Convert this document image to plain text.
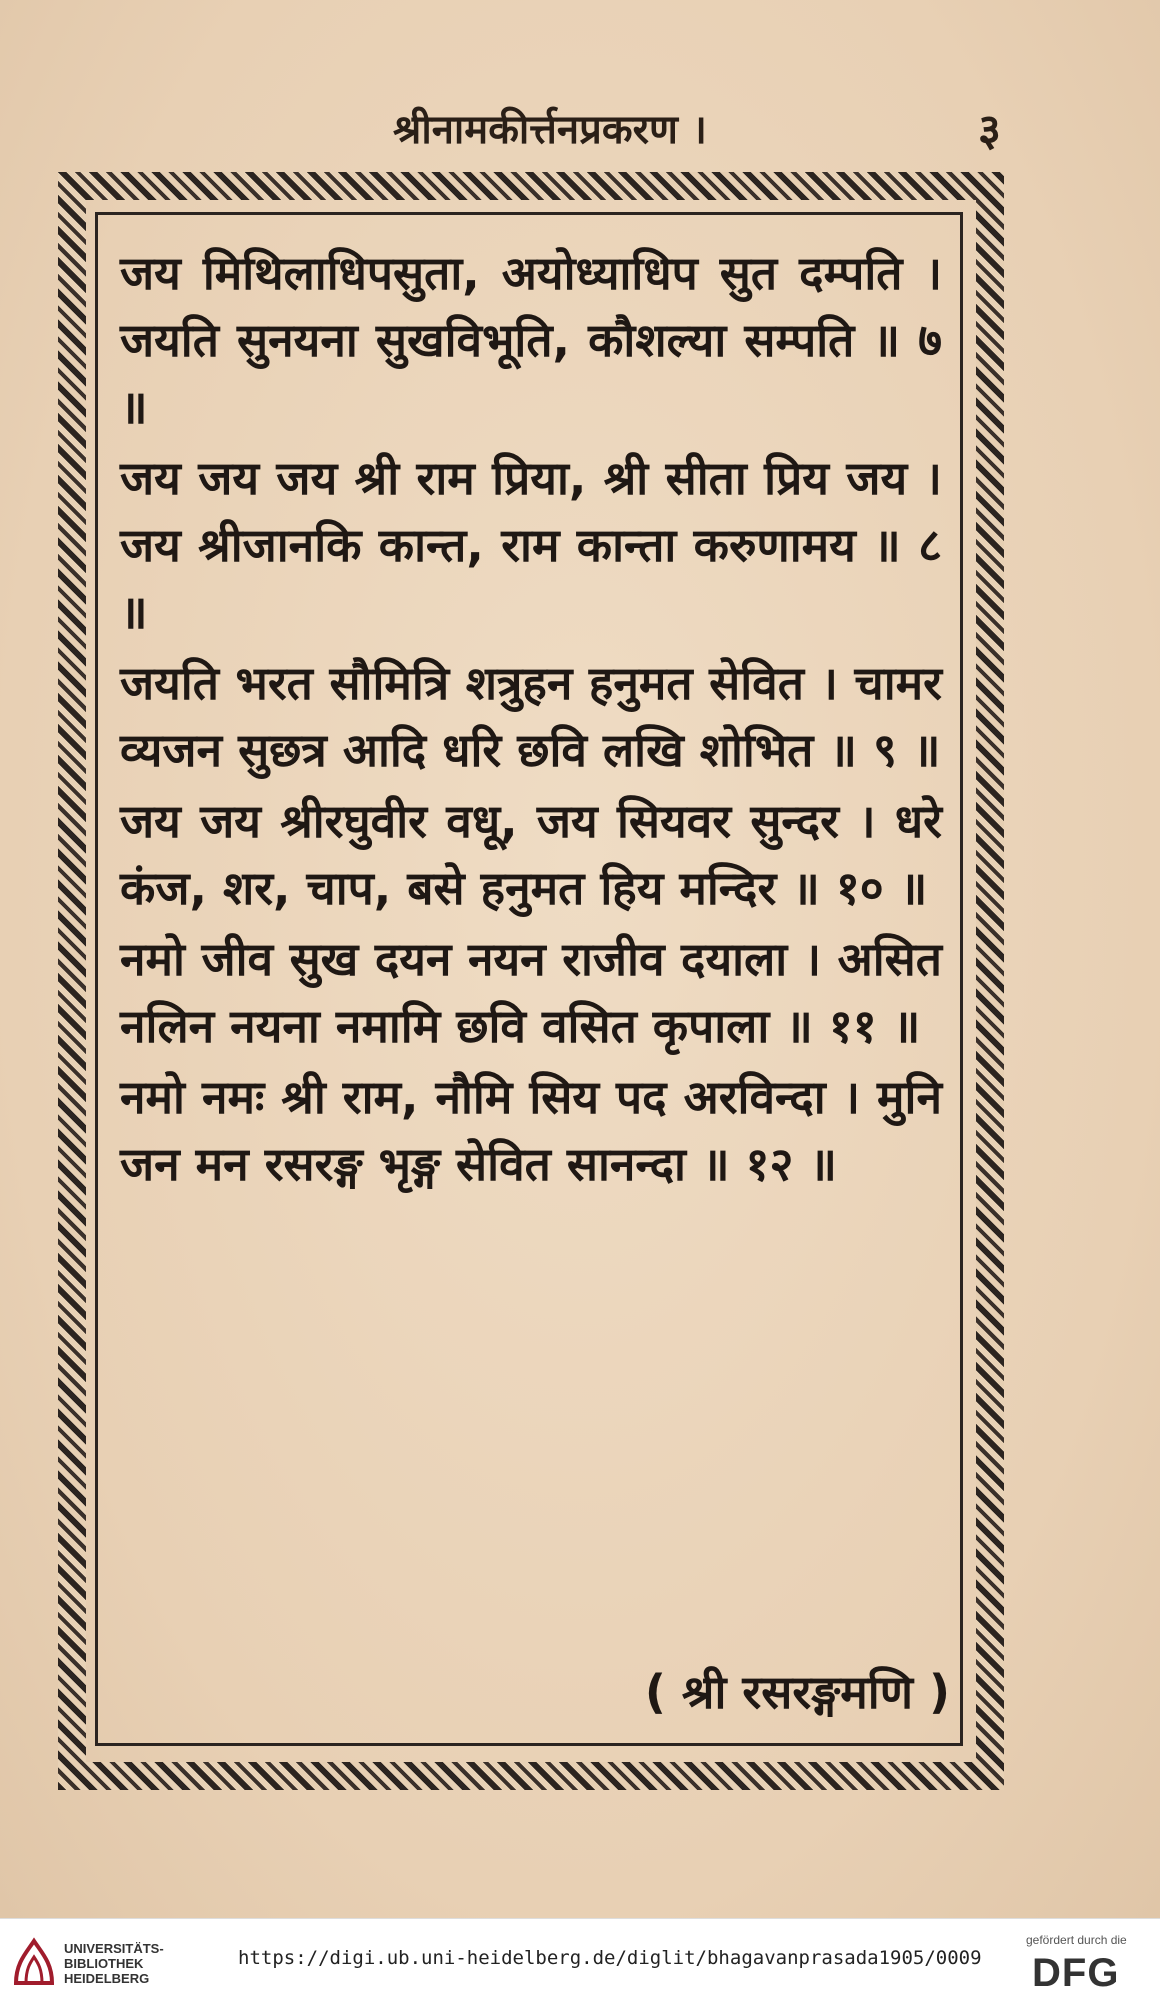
श्रीनामकीर्त्तनप्रकरण ।	३

जय मिथिलाधिपसुता, अयोध्याधिप सुत दम्पति । जयति सुनयना सुखविभूति, कौशल्या सम्पति ॥ ७ ॥

जय जय जय श्री राम प्रिया, श्री सीता प्रिय जय । जय श्रीजानकि कान्त, राम कान्ता करुणामय ॥ ८ ॥

जयति भरत सौमित्रि शत्रुहन हनुमत सेवित । चामर व्यजन सुछत्र आदि धरि छवि लखि शोभित ॥ ९ ॥

जय जय श्रीरघुवीर वधू, जय सियवर सुन्दर । धरे कंज, शर, चाप, बसे हनुमत हिय मन्दिर ॥ १० ॥

नमो जीव सुख दयन नयन राजीव दयाला । असित नलिन नयना नमामि छवि वसित कृपाला ॥ ११ ॥

नमो नमः श्री राम, नौमि सिय पद अरविन्दा । मुनि जन मन रसरङ्ग भृङ्ग सेवित सानन्दा ॥ १२ ॥

( श्री रसरङ्गमणि )
UNIVERSITÄTS-BIBLIOTHEK HEIDELBERG
https://digi.ub.uni-heidelberg.de/diglit/bhagavanprasada1905/0009
gefördert durch die
DFG
